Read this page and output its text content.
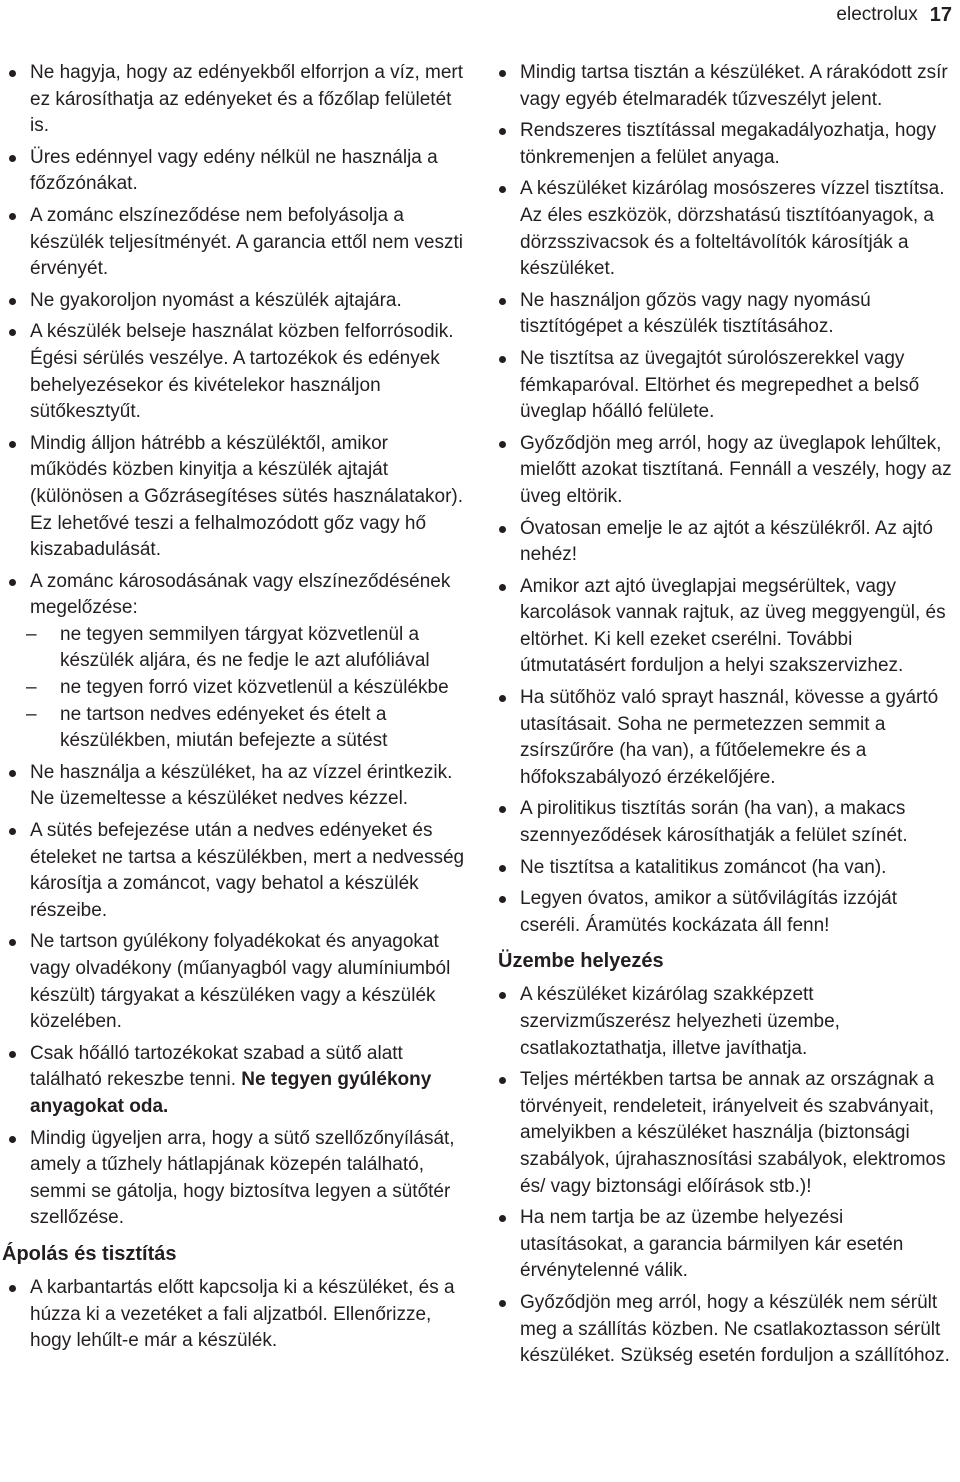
electrolux 17
Ne hagyja, hogy az edényekből elforrjon a víz, mert ez károsíthatja az edényeket és a főzőlap felületét is.
Üres edénnyel vagy edény nélkül ne használja a főzőzónákat.
A zománc elszíneződése nem befolyásolja a készülék teljesítményét. A garancia ettől nem veszti érvényét.
Ne gyakoroljon nyomást a készülék ajtajára.
A készülék belseje használat közben felforrósodik. Égési sérülés veszélye. A tartozékok és edények behelyezésekor és kivételekor használjon sütőkesztyűt.
Mindig álljon hátrébb a készüléktől, amikor működés közben kinyitja a készülék ajtaját (különösen a Gőzrásegítéses sütés használatakor). Ez lehetővé teszi a felhalmozódott gőz vagy hő kiszabadulását.
A zománc károsodásának vagy elszíneződésének megelőzése:
– ne tegyen semmilyen tárgyat közvetlenül a készülék aljára, és ne fedje le azt alufóliával
– ne tegyen forró vizet közvetlenül a készülékbe
– ne tartson nedves edényeket és ételt a készülékben, miután befejezte a sütést
Ne használja a készüléket, ha az vízzel érintkezik. Ne üzemeltesse a készüléket nedves kézzel.
A sütés befejezése után a nedves edényeket és ételeket ne tartsa a készülékben, mert a nedvesség károsítja a zománcot, vagy behatol a készülék részeibe.
Ne tartson gyúlékony folyadékokat és anyagokat vagy olvadékony (műanyagból vagy alumíniumból készült) tárgyakat a készüléken vagy a készülék közelében.
Csak hőálló tartozékokat szabad a sütő alatt található rekeszbe tenni. Ne tegyen gyúlékony anyagokat oda.
Mindig ügyeljen arra, hogy a sütő szellőzőnyílását, amely a tűzhely hátlapjának közepén található, semmi se gátolja, hogy biztosítva legyen a sütőtér szellőzése.
Ápolás és tisztítás
A karbantartás előtt kapcsolja ki a készüléket, és a húzza ki a vezetéket a fali aljzatból. Ellenőrizze, hogy lehűlt-e már a készülék.
Mindig tartsa tisztán a készüléket. A rárakódott zsír vagy egyéb ételmaradék tűzveszélyt jelent.
Rendszeres tisztítással megakadályozhatja, hogy tönkremenjen a felület anyaga.
A készüléket kizárólag mosószeres vízzel tisztítsa. Az éles eszközök, dörzshatású tisztítóanyagok, a dörzsszivacsok és a folteltávolítók károsítják a készüléket.
Ne használjon gőzös vagy nagy nyomású tisztítógépet a készülék tisztításához.
Ne tisztítsa az üvegajtót súrolószerekkel vagy fémkaparóval. Eltörhet és megrepedhet a belső üveglap hőálló felülete.
Győződjön meg arról, hogy az üveglapok lehűltek, mielőtt azokat tisztítaná. Fennáll a veszély, hogy az üveg eltörik.
Óvatosan emelje le az ajtót a készülékről. Az ajtó nehéz!
Amikor azt ajtó üveglapjai megsérültek, vagy karcolások vannak rajtuk, az üveg meggyengül, és eltörhet. Ki kell ezeket cserélni. További útmutatásért forduljon a helyi szakszervizhez.
Ha sütőhöz való sprayt használ, kövesse a gyártó utasításait. Soha ne permetezzen semmit a zsírszűrőre (ha van), a fűtőelemekre és a hőfokszabályozó érzékelőjére.
A pirolitikus tisztítás során (ha van), a makacs szennyeződések károsíthatják a felület színét.
Ne tisztítsa a katalitikus zománcot (ha van).
Legyen óvatos, amikor a sütővilágítás izzóját cseréli. Áramütés kockázata áll fenn!
Üzembe helyezés
A készüléket kizárólag szakképzett szervizműszerész helyezheti üzembe, csatlakoztathatja, illetve javíthatja.
Teljes mértékben tartsa be annak az országnak a törvényeit, rendeleteit, irányelveit és szabványait, amelyikben a készüléket használja (biztonsági szabályok, újrahasznosítási szabályok, elektromos és/ vagy biztonsági előírások stb.)!
Ha nem tartja be az üzembe helyezési utasításokat, a garancia bármilyen kár esetén érvénytelenné válik.
Győződjön meg arról, hogy a készülék nem sérült meg a szállítás közben. Ne csatlakoztasson sérült készüléket. Szükség esetén forduljon a szállítóhoz.
